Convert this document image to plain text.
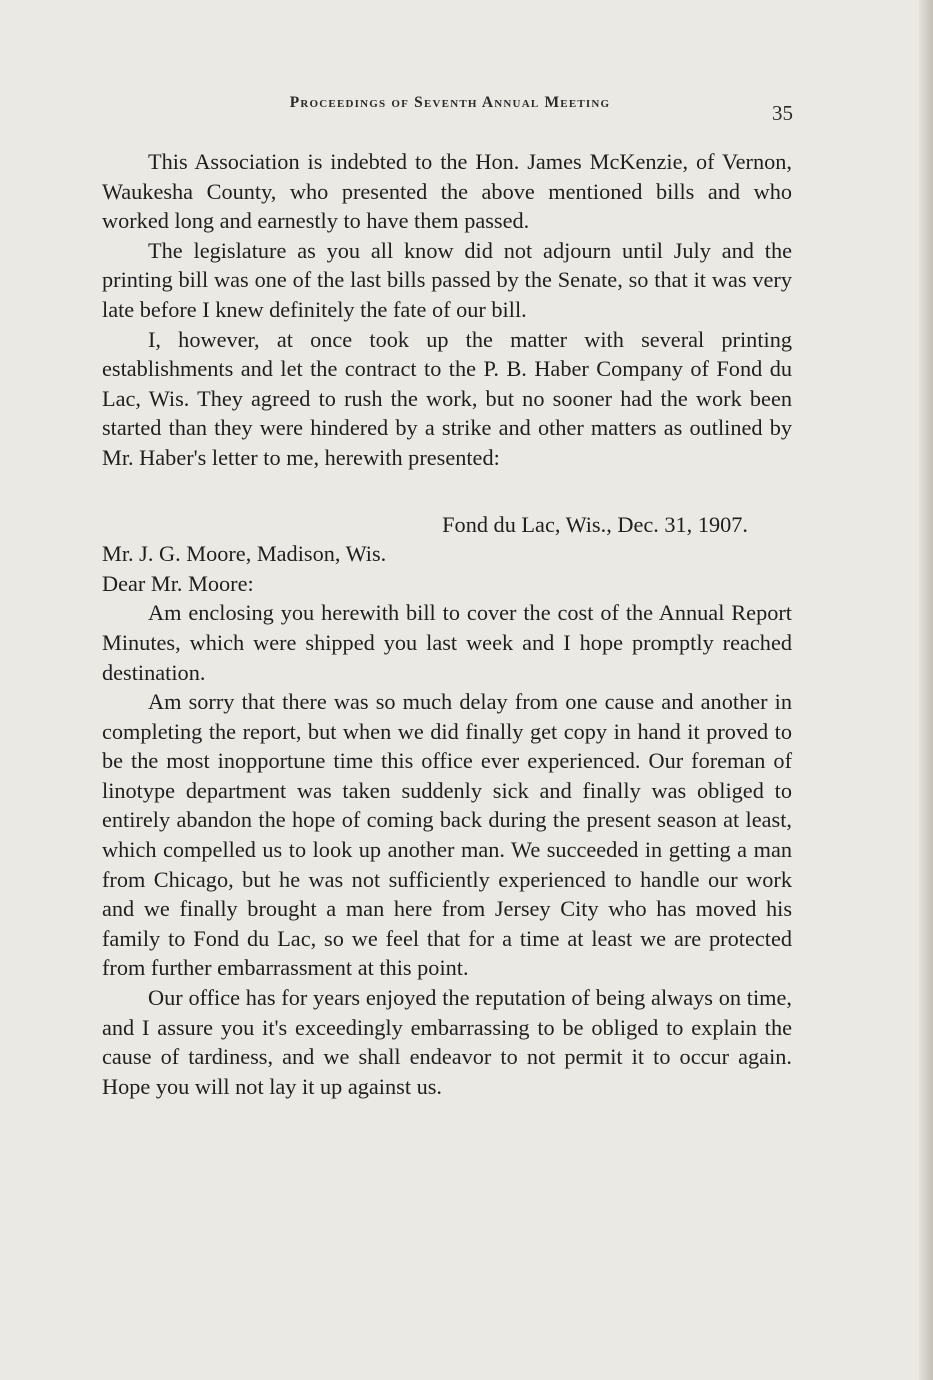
Proceedings of Seventh Annual Meeting	35

This Association is indebted to the Hon. James McKenzie, of Vernon, Waukesha County, who presented the above mentioned bills and who worked long and earnestly to have them passed.

The legislature as you all know did not adjourn until July and the printing bill was one of the last bills passed by the Senate, so that it was very late before I knew definitely the fate of our bill.

I, however, at once took up the matter with several printing establishments and let the contract to the P. B. Haber Company of Fond du Lac, Wis. They agreed to rush the work, but no sooner had the work been started than they were hindered by a strike and other matters as outlined by Mr. Haber's letter to me, herewith presented:

Fond du Lac, Wis., Dec. 31, 1907.
Mr. J. G. Moore, Madison, Wis.
Dear Mr. Moore:

Am enclosing you herewith bill to cover the cost of the Annual Report Minutes, which were shipped you last week and I hope promptly reached destination.

Am sorry that there was so much delay from one cause and another in completing the report, but when we did finally get copy in hand it proved to be the most inopportune time this office ever experienced. Our foreman of linotype department was taken suddenly sick and finally was obliged to entirely abandon the hope of coming back during the present season at least, which compelled us to look up another man. We succeeded in getting a man from Chicago, but he was not sufficiently experienced to handle our work and we finally brought a man here from Jersey City who has moved his family to Fond du Lac, so we feel that for a time at least we are protected from further embarrassment at this point.

Our office has for years enjoyed the reputation of being always on time, and I assure you it's exceedingly embarrassing to be obliged to explain the cause of tardiness, and we shall endeavor to not permit it to occur again. Hope you will not lay it up against us.
